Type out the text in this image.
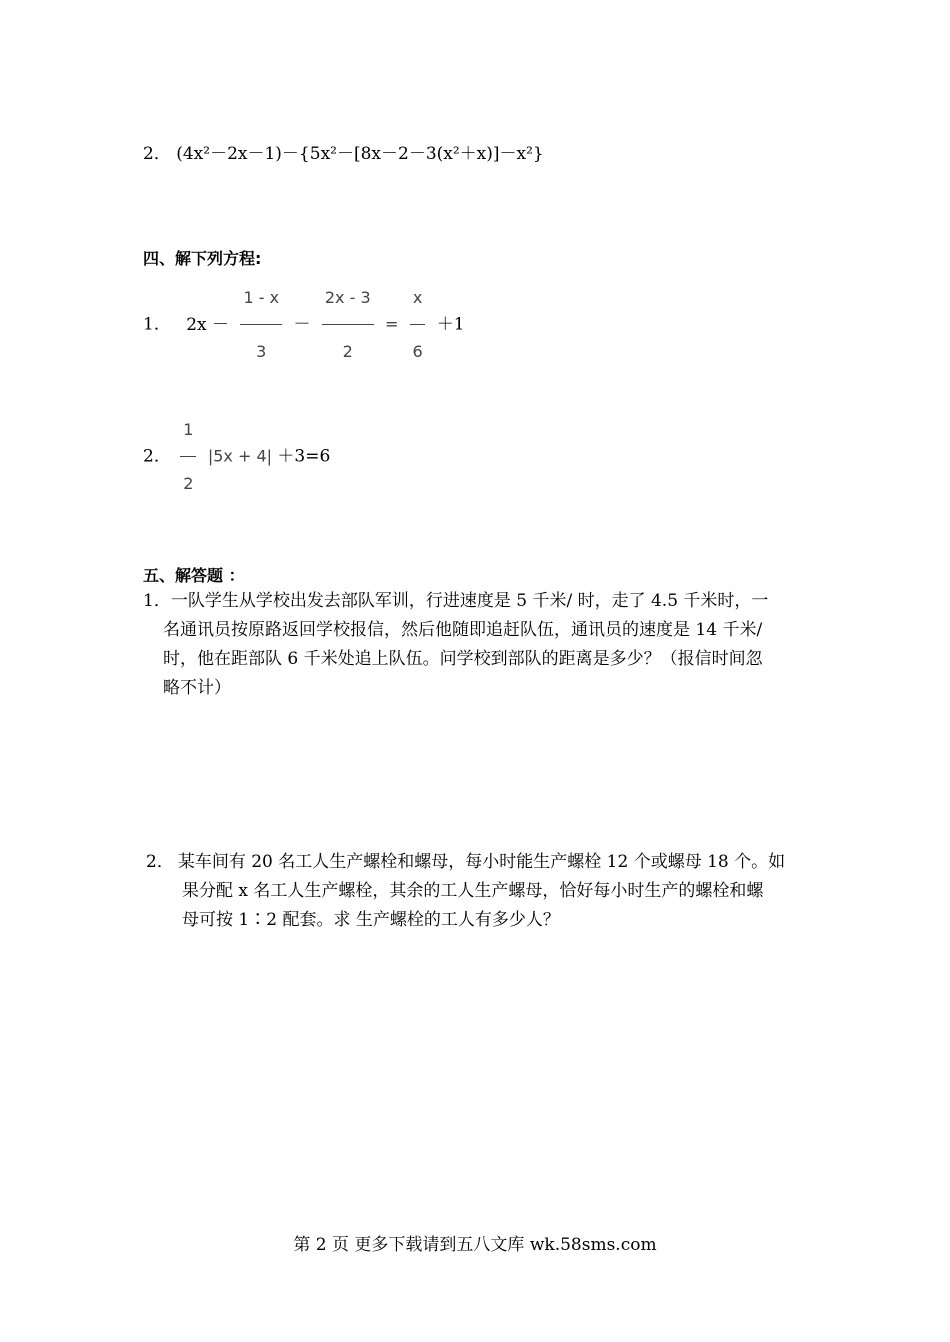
2． (4x²－2x－1)－{5x²－[8x－2－3(x²＋x)]－x²}
四、解下列方程:
1． $2x - \frac{1 - x}{3} - \frac{2x - 3}{2} = \frac{x}{6} +1$
2． $\frac{1}{2} |5x + 4| +3=6$
五、解答题 ：
1．一队学生从学校出发去部队军训，行进速度是 5 千米/ 时，走了 4.5 千米时，一
名通讯员按原路返回学校报信，然后他随即追赶队伍，通讯员的速度是 14 千米/
时，他在距部队 6 千米处追上队伍。问学校到部队的距离是多少？（报信时间忽
略不计）
2． 某车间有 20 名工人生产螺栓和螺母，每小时能生产螺栓 12 个或螺母 18 个。如
果分配 x 名工人生产螺栓，其余的工人生产螺母，恰好每小时生产的螺栓和螺
母可按 1∶2 配套。求 生产螺栓的工人有多少人？
第 2 页 更多下载请到五八文库 wk.58sms.com
